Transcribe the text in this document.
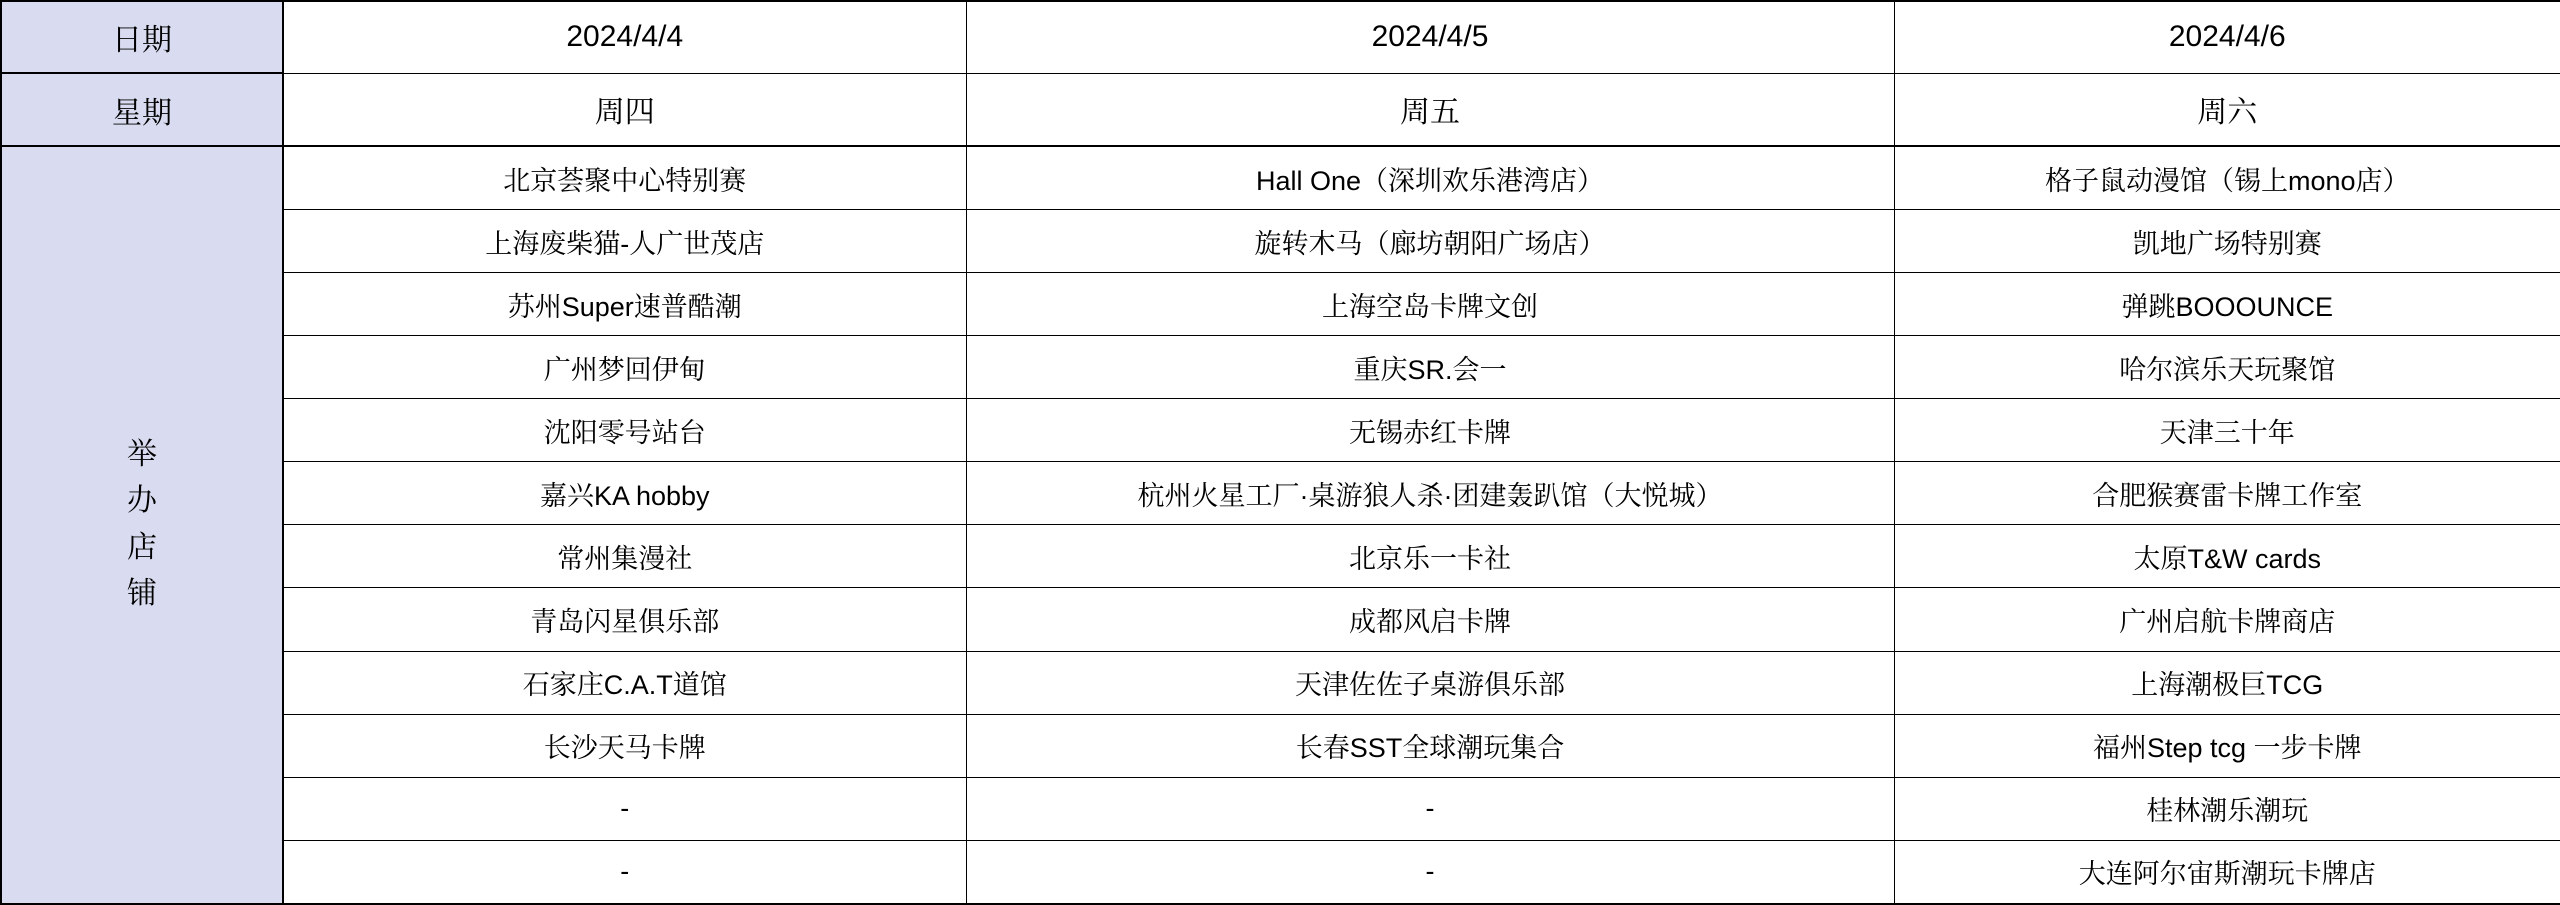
日期	2024/4/4	2024/4/5	2024/4/6
星期	周四	周五	周六

举
办
店
铺	北京荟聚中心特别赛	Hall One（深圳欢乐港湾店）	格子鼠动漫馆（锡上mono店）
	上海废柴猫-人广世茂店	旋转木马（廊坊朝阳广场店）	凯地广场特别赛
	苏州Super速普酷潮	上海空岛卡牌文创	弹跳BOOOUNCE
	广州梦回伊甸	重庆SR.会一	哈尔滨乐天玩聚馆
	沈阳零号站台	无锡赤红卡牌	天津三十年
	嘉兴KA hobby	杭州火星工厂·桌游狼人杀·团建轰趴馆（大悦城）	合肥猴赛雷卡牌工作室
	常州集漫社	北京乐一卡社	太原T&W cards
	青岛闪星俱乐部	成都风启卡牌	广州启航卡牌商店
	石家庄C.A.T道馆	天津佐佐子桌游俱乐部	上海潮极巨TCG
	长沙天马卡牌	长春SST全球潮玩集合	福州Step tcg 一步卡牌
	-	-	桂林潮乐潮玩
	-	-	大连阿尔宙斯潮玩卡牌店
